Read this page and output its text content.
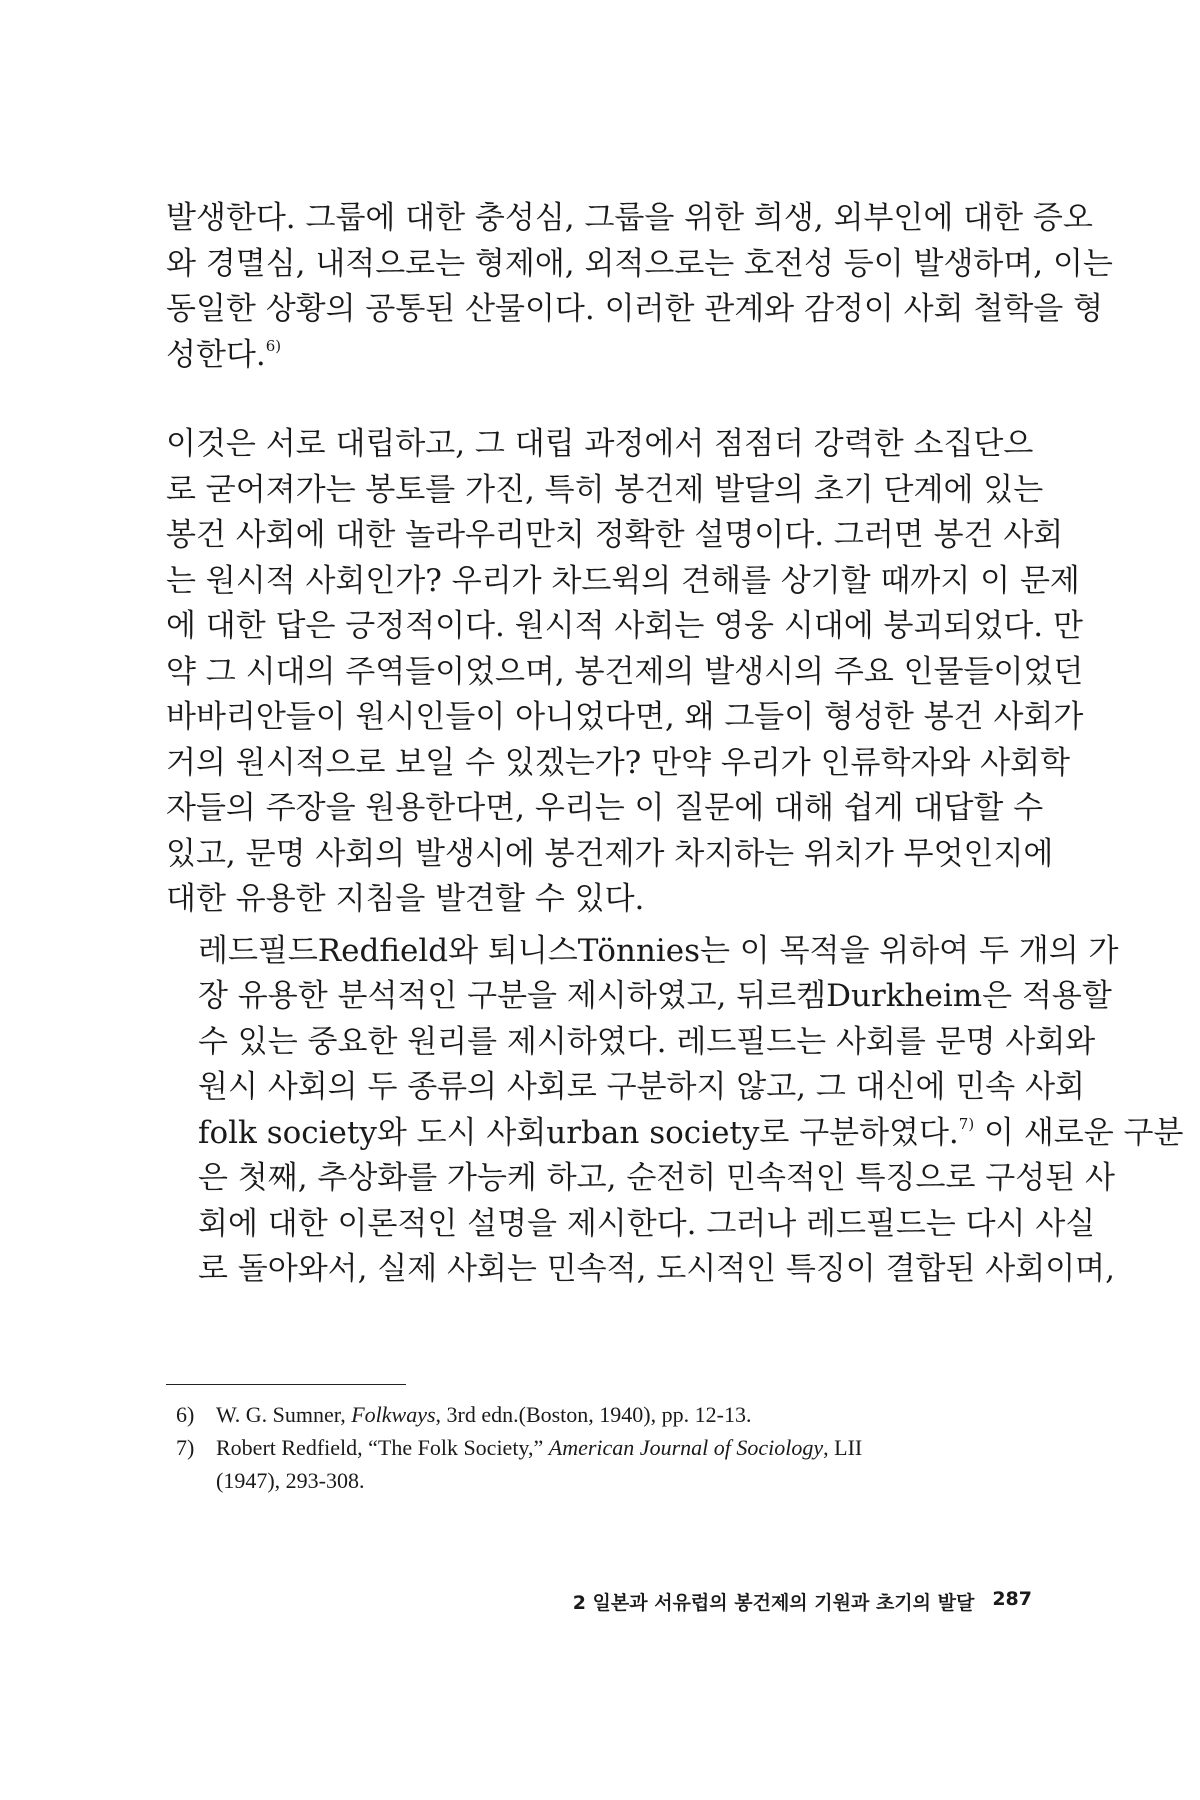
발생한다. 그룹에 대한 충성심, 그룹을 위한 희생, 외부인에 대한 증오
와 경멸심, 내적으로는 형제애, 외적으로는 호전성 등이 발생하며, 이는
동일한 상황의 공통된 산물이다. 이러한 관계와 감정이 사회 철학을 형
성한다.$^{6)}$

이것은 서로 대립하고, 그 대립 과정에서 점점더 강력한 소집단으
로 굳어져가는 봉토를 가진, 특히 봉건제 발달의 초기 단계에 있는
봉건 사회에 대한 놀라우리만치 정확한 설명이다. 그러면 봉건 사회
는 원시적 사회인가? 우리가 차드윅의 견해를 상기할 때까지 이 문제
에 대한 답은 긍정적이다. 원시적 사회는 영웅 시대에 붕괴되었다. 만
약 그 시대의 주역들이었으며, 봉건제의 발생시의 주요 인물들이었던
바바리안들이 원시인들이 아니었다면, 왜 그들이 형성한 봉건 사회가
거의 원시적으로 보일 수 있겠는가? 만약 우리가 인류학자와 사회학
자들의 주장을 원용한다면, 우리는 이 질문에 대해 쉽게 대답할 수
있고, 문명 사회의 발생시에 봉건제가 차지하는 위치가 무엇인지에
대한 유용한 지침을 발견할 수 있다.

레드필드Redfield와 퇴니스Tönnies는 이 목적을 위하여 두 개의 가
장 유용한 분석적인 구분을 제시하였고, 뒤르켐Durkheim은 적용할
수 있는 중요한 원리를 제시하였다. 레드필드는 사회를 문명 사회와
원시 사회의 두 종류의 사회로 구분하지 않고, 그 대신에 민속 사회
folk society와 도시 사회urban society로 구분하였다.$^{7)}$ 이 새로운 구분
은 첫째, 추상화를 가능케 하고, 순전히 민속적인 특징으로 구성된 사
회에 대한 이론적인 설명을 제시한다. 그러나 레드필드는 다시 사실
로 돌아와서, 실제 사회는 민속적, 도시적인 특징이 결합된 사회이며,

6) W. G. Sumner, Folkways, 3rd edn.(Boston, 1940), pp. 12-13.
7) Robert Redfield, “The Folk Society,” American Journal of Sociology, LII
(1947), 293-308.
2 일본과 서유럽의 봉건제의 기원과 초기의 발달 287
